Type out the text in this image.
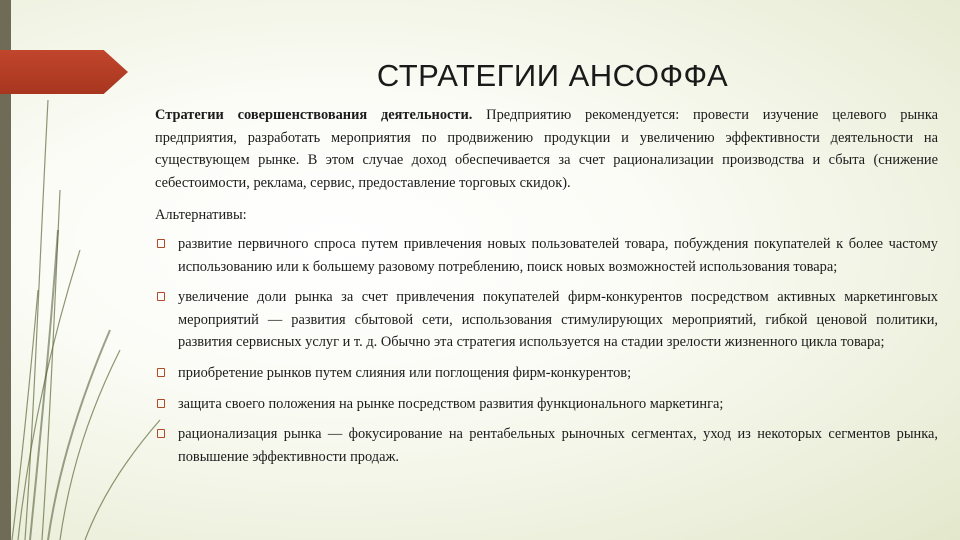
СТРАТЕГИИ АНСОФФА

Стратегии совершенствования деятельности. Предприятию рекомендуется: провести изучение целевого рынка предприятия, разработать мероприятия по продвижению продукции и увеличению эффективности деятельности на существующем рынке. В этом случае доход обеспечивается за счет рационализации производства и сбыта (снижение себестоимости, реклама, сервис, предоставление торговых скидок).

Альтернативы:

развитие первичного спроса путем привлечения новых пользователей товара, побуждения покупателей к более частому использованию или к большему разовому потреблению, поиск новых возможностей использования товара;
увеличение доли рынка за счет привлечения покупателей фирм-конкурентов посредством активных маркетинговых мероприятий — развития сбытовой сети, использования стимулирующих мероприятий, гибкой ценовой политики, развития сервисных услуг и т. д. Обычно эта стратегия используется на стадии зрелости жизненного цикла товара;
приобретение рынков путем слияния или поглощения фирм-конкурентов;
защита своего положения на рынке посредством развития функционального маркетинга;
рационализация рынка — фокусирование на рентабельных рыночных сегментах, уход из некоторых сегментов рынка, повышение эффективности продаж.
